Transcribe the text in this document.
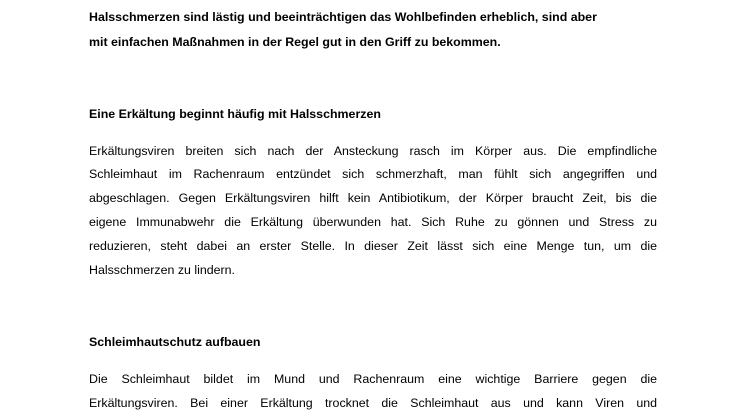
Halsschmerzen sind lästig und beeinträchtigen das Wohlbefinden erheblich, sind aber

mit einfachen Maßnahmen in der Regel gut in den Griff zu bekommen.

Eine Erkältung beginnt häufig mit Halsschmerzen

Erkältungsviren breiten sich nach der Ansteckung rasch im Körper aus. Die empfindliche

Schleimhaut im Rachenraum entzündet sich schmerzhaft, man fühlt sich angegriffen und

abgeschlagen. Gegen Erkältungsviren hilft kein Antibiotikum, der Körper braucht Zeit, bis die

eigene Immunabwehr die Erkältung überwunden hat. Sich Ruhe zu gönnen und Stress zu

reduzieren, steht dabei an erster Stelle. In dieser Zeit lässt sich eine Menge tun, um die

Halsschmerzen zu lindern.

Schleimhautschutz aufbauen

Die Schleimhaut bildet im Mund und Rachenraum eine wichtige Barriere gegen die

Erkältungsviren. Bei einer Erkältung trocknet die Schleimhaut aus und kann Viren und
